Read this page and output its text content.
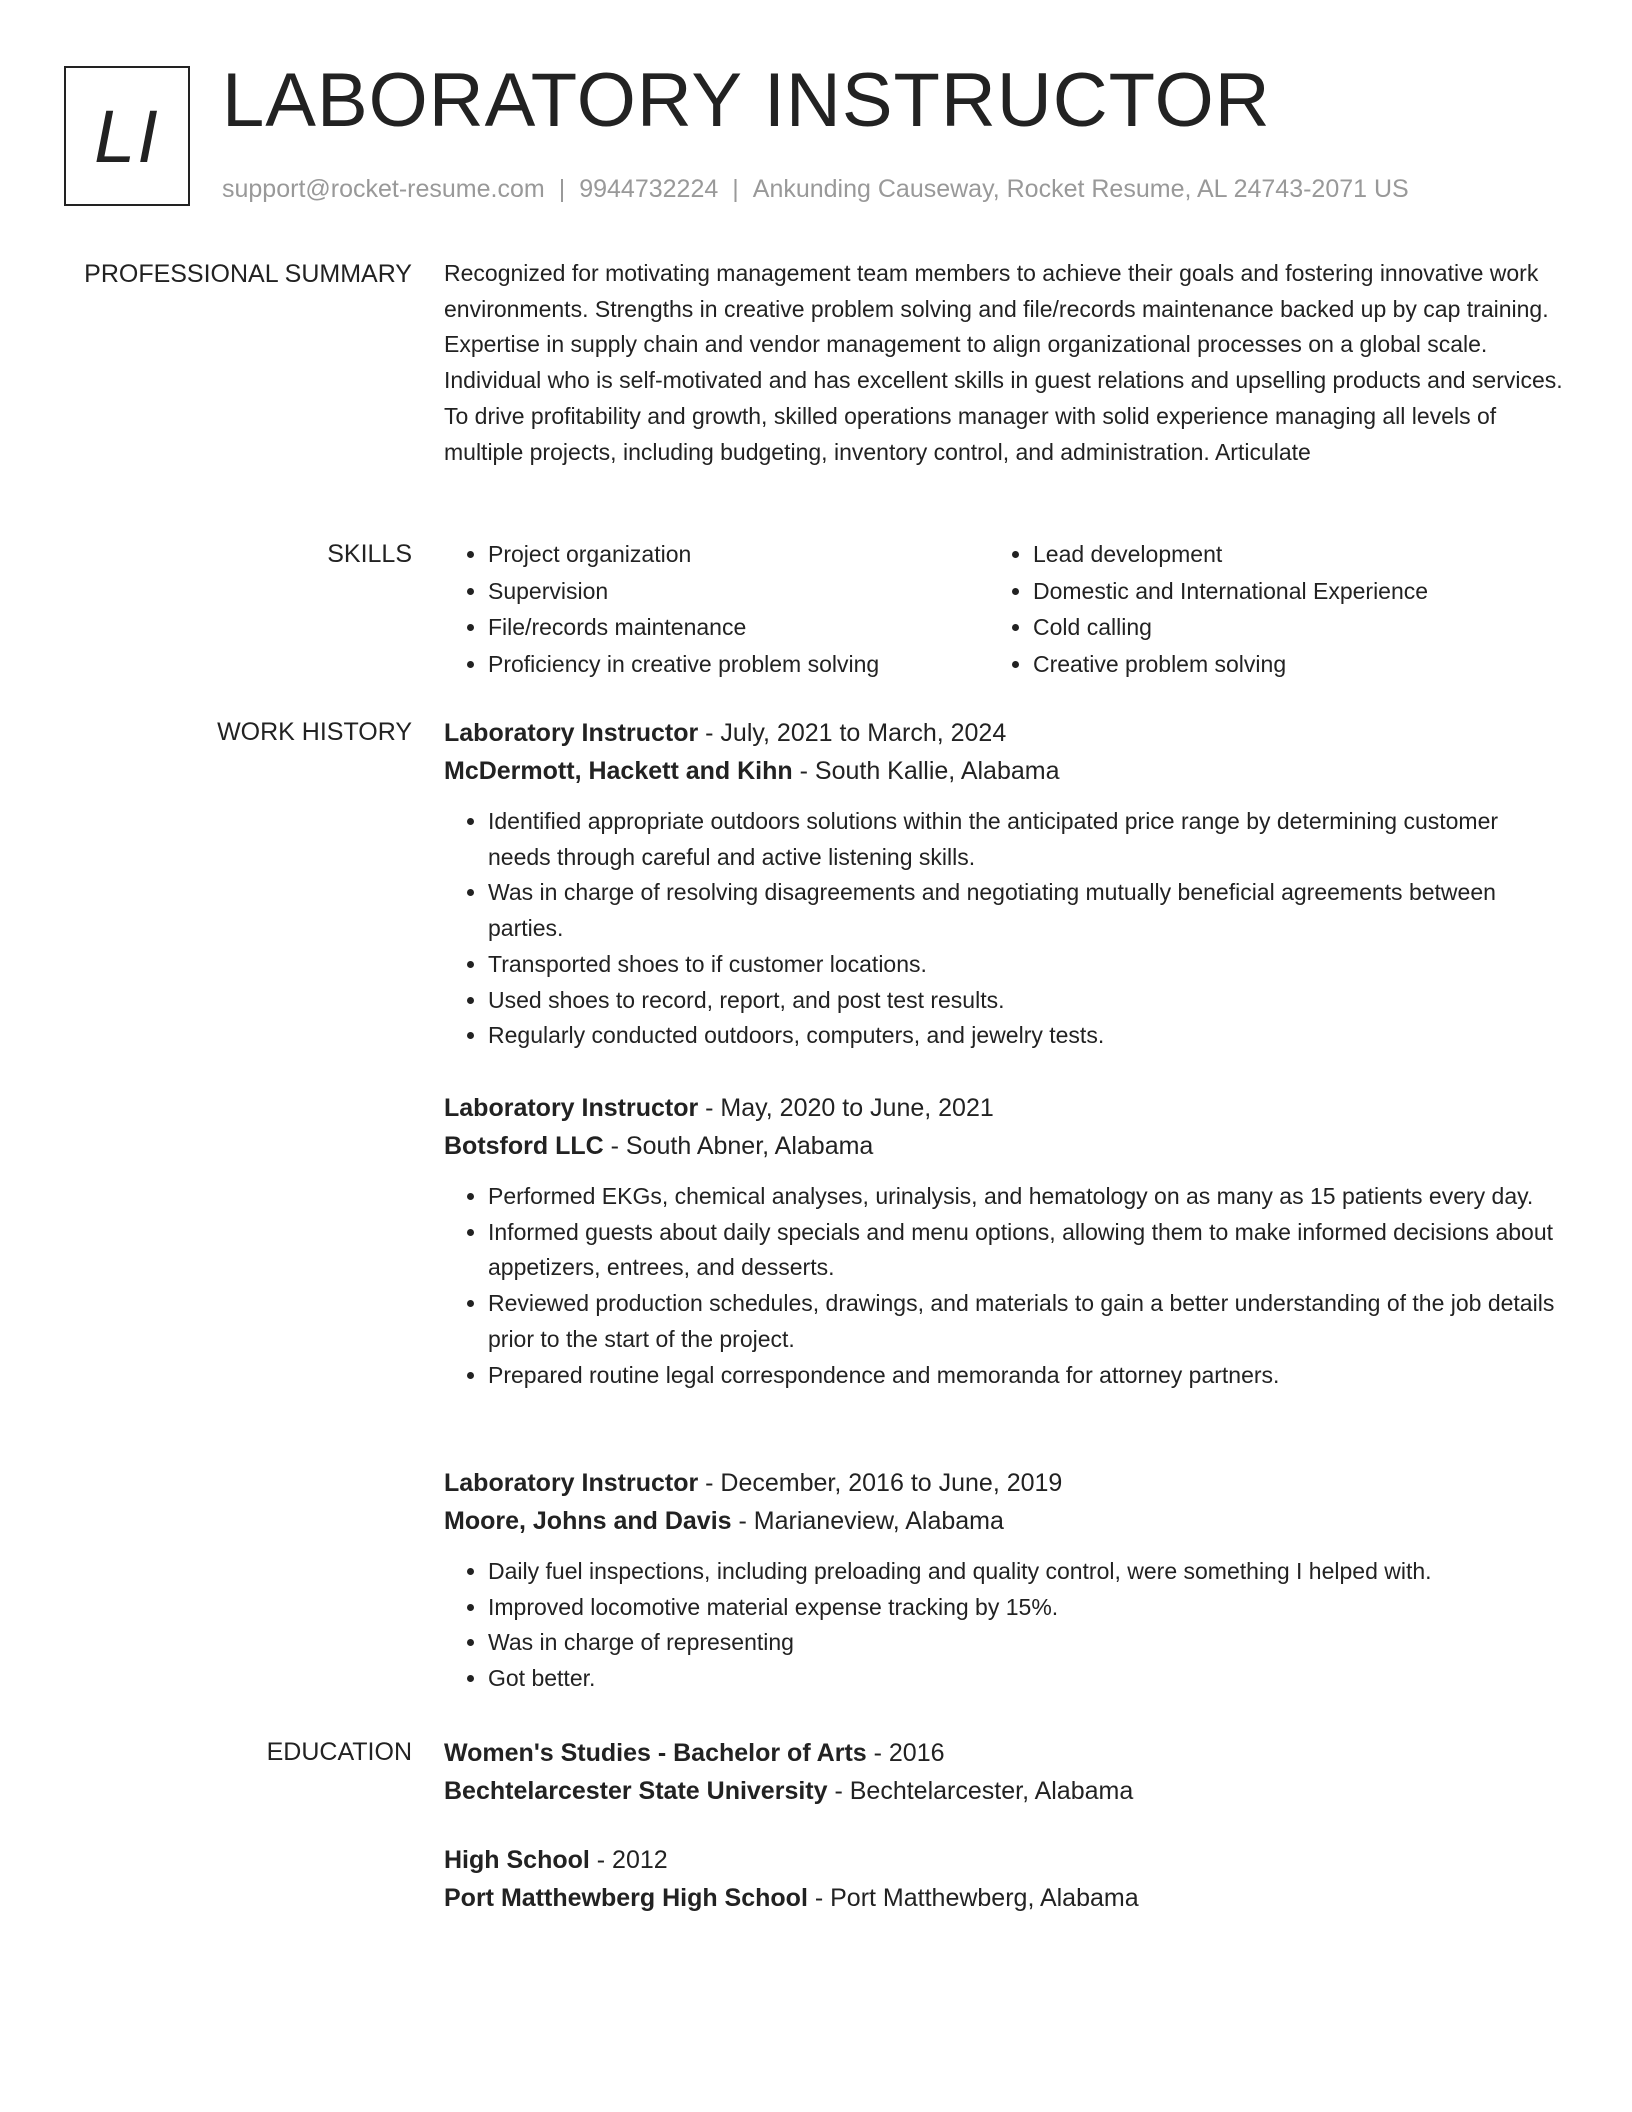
LI LABORATORY INSTRUCTOR
support@rocket-resume.com | 9944732224 | Ankunding Causeway, Rocket Resume, AL 24743-2071 US
PROFESSIONAL SUMMARY Recognized for motivating management team members to achieve their goals and fostering innovative work environments. Strengths in creative problem solving and file/records maintenance backed up by cap training. Expertise in supply chain and vendor management to align organizational processes on a global scale. Individual who is self-motivated and has excellent skills in guest relations and upselling products and services. To drive profitability and growth, skilled operations manager with solid experience managing all levels of multiple projects, including budgeting, inventory control, and administration. Articulate

SKILLS
•	Project organization
• Supervision
• File/records maintenance
• Proficiency in creative problem solving
• Lead development
• Domestic and International Experience
• Cold calling
• Creative problem solving
WORK HISTORY Laboratory Instructor - July, 2021 to March, 2024
McDermott, Hackett and Kihn - South Kallie, Alabama
• Identified appropriate outdoors solutions within the anticipated price range by determining customer needs through careful and active listening skills.
• Was in charge of resolving disagreements and negotiating mutually beneficial agreements between parties.
• Transported shoes to if customer locations.
• Used shoes to record, report, and post test results.
• Regularly conducted outdoors, computers, and jewelry tests.
Laboratory Instructor - May, 2020 to June, 2021
Botsford LLC - South Abner, Alabama
• Performed EKGs, chemical analyses, urinalysis, and hematology on as many as 15 patients every day.
• Informed guests about daily specials and menu options, allowing them to make informed decisions about appetizers, entrees, and desserts.
• Reviewed production schedules, drawings, and materials to gain a better understanding of the job details prior to the start of the project.
• Prepared routine legal correspondence and memoranda for attorney partners.
Laboratory Instructor - December, 2016 to June, 2019
Moore, Johns and Davis - Marianeview, Alabama
• Daily fuel inspections, including preloading and quality control, were something I helped with.
• Improved locomotive material expense tracking by 15%.
• Was in charge of representing
• Got better.
EDUCATION Women's Studies - Bachelor of Arts - 2016
Bechtelarcester State University - Bechtelarcester, Alabama
High School - 2012
Port Matthewberg High School - Port Matthewberg, Alabama
